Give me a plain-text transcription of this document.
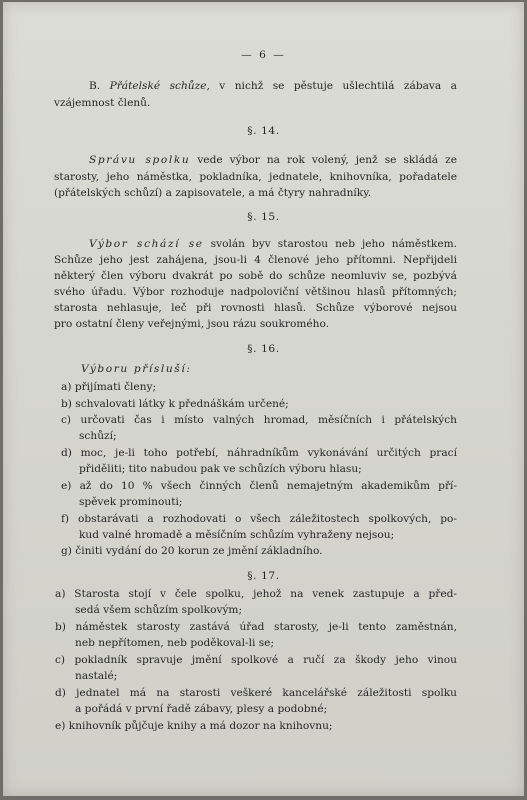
— 6 —
B. Přátelské schůze, v nichž se pěstuje ušlechtilá zábava a
vzájemnost členů.
§. 14.
Správu spolku vede výbor na rok volený, jenž se skládá ze
starosty, jeho náměstka, pokladníka, jednatele, knihovníka, pořadatele
(přátelských schůzí) a zapisovatele, a má čtyry nahradníky.
§. 15.
Výbor schází se svolán byv starostou neb jeho náměstkem.
Schůze jeho jest zahájena, jsou-li 4 členové jeho přítomni. Nepřijdeli
některý člen výboru dvakrát po sobě do schůze neomluviv se, pozbývá
svého úřadu. Výbor rozhoduje nadpoloviční většinou hlasů přítomných;
starosta nehlasuje, leč při rovnosti hlasů. Schůze výborové nejsou
pro ostatní členy veřejnými, jsou rázu soukromého.
§. 16.
Výboru přísluší:
a) přijímati členy;
b) schvalovati látky k přednáškám určené;
c) určovati čas i místo valných hromad, měsíčních i přátelských
schůzí;
d) moc, je-li toho potřebí, náhradníkům vykonávání určitých prací
přiděliti; tito nabudou pak ve schůzích výboru hlasu;
e) až do 10 % všech činných členů nemajetným akademikům pří-
spěvek prominouti;
f) obstarávati a rozhodovati o všech záležitostech spolkových, po-
kud valné hromadě a měsíčním schůzím vyhraženy nejsou;
g) činiti vydání do 20 korun ze jmění základního.
§. 17.
a) Starosta stojí v čele spolku, jehož na venek zastupuje a před-
sedá všem schůzím spolkovým;
b) náměstek starosty zastává úřad starosty, je-li tento zaměstnán,
neb nepřítomen, neb poděkoval-li se;
c) pokladník spravuje jmění spolkové a ručí za škody jeho vinou
nastalé;
d) jednatel má na starosti veškeré kancelářské záležitosti spolku
a pořádá v první řadě zábavy, plesy a podobné;
e) knihovník půjčuje knihy a má dozor na knihovnu;
